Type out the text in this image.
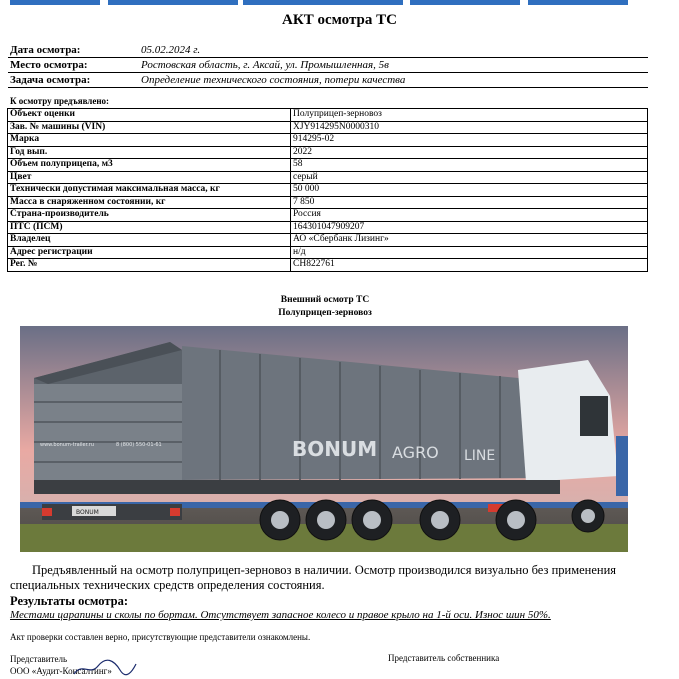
АКТ осмотра ТС
Дата осмотра:	05.02.2024 г.
Место осмотра:	Ростовская область, г. Аксай, ул. Промышленная, 5в
Задача осмотра:	Определение технического состояния, потери качества
К осмотру предъявлено:
Объект оценки	Полуприцеп-зерновоз
Зав. № машины (VIN)	XJY914295N0000310
Марка	914295-02
Год вып.	2022
Объем полуприцепа, м3	58
Цвет	серый
Технически допустимая максимальная масса, кг	50 000
Масса в снаряженном состоянии, кг	7 850
Страна-производитель	Россия
ПТС (ПСМ)	164301047909207
Владелец	АО «Сбербанк Лизинг»
Адрес регистрации	н/д
Рег. №	СН822761
Внешний осмотр ТС
Полуприцеп-зерновоз
BONUM AGRO LINE
www.bonum-trailer.ru	8 (800) 550-01-61
BONUM
Предъявленный на осмотр полуприцеп-зерновоз в наличии. Осмотр производился визуально без применения специальных технических средств определения состояния.
Результаты осмотра:
Местами царапины и сколы по бортам. Отсутствует запасное колесо и правое крыло на 1-й оси. Износ шин 50%.
Акт проверки составлен верно, присутствующие представители ознакомлены.
Представитель
ООО «Аудит-Консалтинг»
Представитель собственника
